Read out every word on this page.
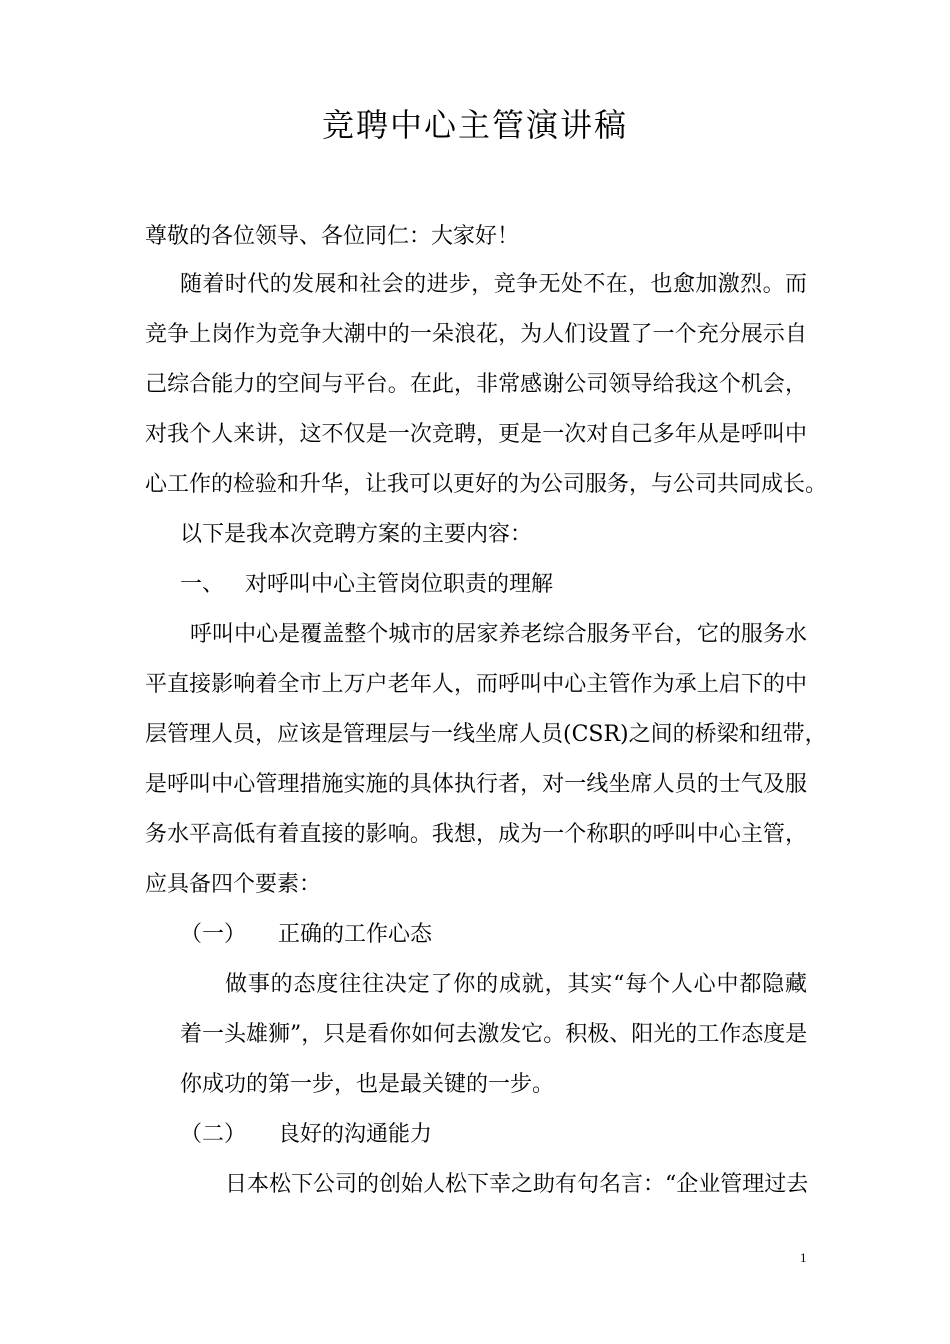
竞聘中心主管演讲稿
尊敬的各位领导、各位同仁：大家好！
随着时代的发展和社会的进步，竞争无处不在，也愈加激烈。而
竞争上岗作为竞争大潮中的一朵浪花，为人们设置了一个充分展示自
己综合能力的空间与平台。在此，非常感谢公司领导给我这个机会，
对我个人来讲，这不仅是一次竞聘，更是一次对自己多年从是呼叫中
心工作的检验和升华，让我可以更好的为公司服务，与公司共同成长。
以下是我本次竞聘方案的主要内容：
一、 对呼叫中心主管岗位职责的理解
呼叫中心是覆盖整个城市的居家养老综合服务平台，它的服务水
平直接影响着全市上万户老年人，而呼叫中心主管作为承上启下的中
层管理人员，应该是管理层与一线坐席人员(CSR)之间的桥梁和纽带，
是呼叫中心管理措施实施的具体执行者，对一线坐席人员的士气及服
务水平高低有着直接的影响。我想，成为一个称职的呼叫中心主管，
应具备四个要素：
（一） 正确的工作心态
做事的态度往往决定了你的成就，其实“每个人心中都隐藏
着一头雄狮”，只是看你如何去激发它。积极、阳光的工作态度是
你成功的第一步，也是最关键的一步。
（二） 良好的沟通能力
日本松下公司的创始人松下幸之助有句名言：“企业管理过去
1
